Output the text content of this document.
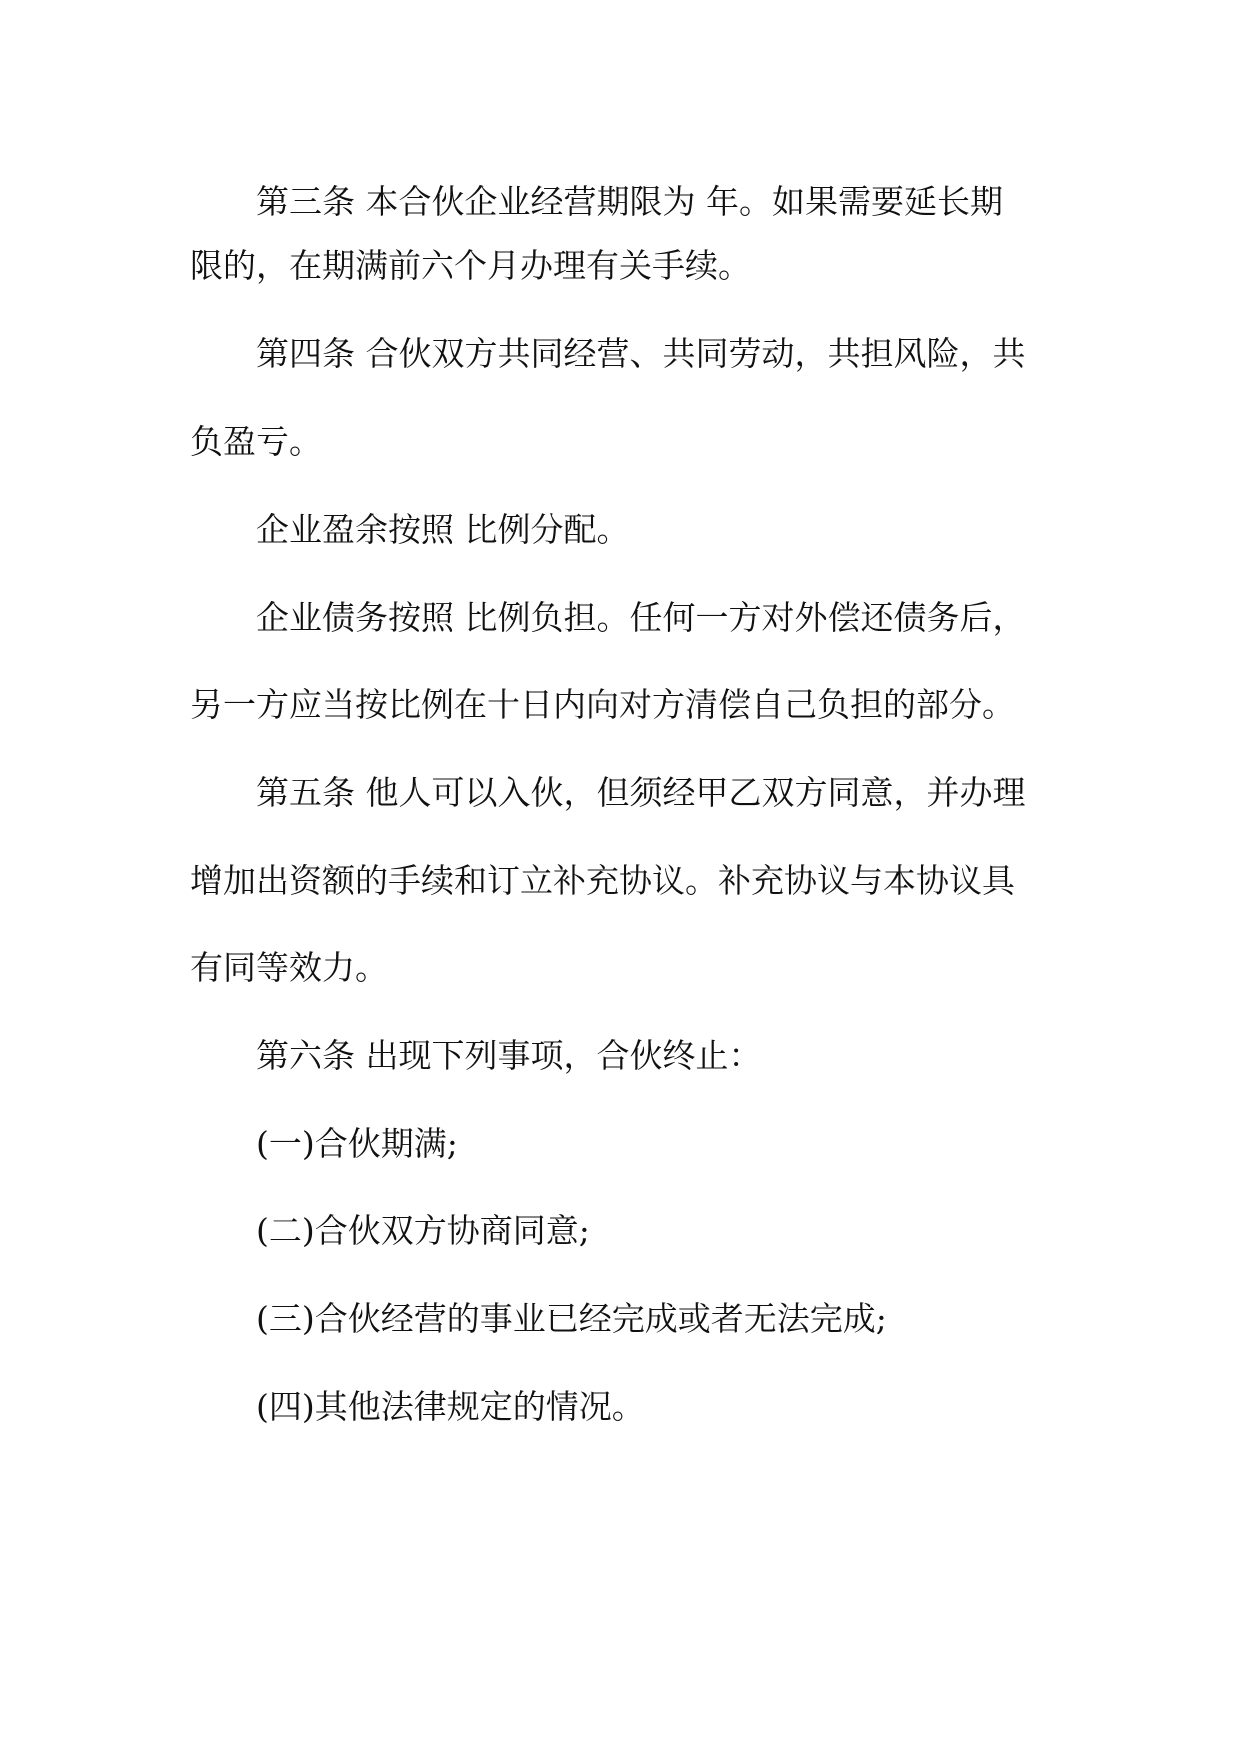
第三条 本合伙企业经营期限为 年。如果需要延长期
限的，在期满前六个月办理有关手续。
第四条 合伙双方共同经营、共同劳动，共担风险，共
负盈亏。
企业盈余按照 比例分配。
企业债务按照 比例负担。任何一方对外偿还债务后，
另一方应当按比例在十日内向对方清偿自己负担的部分。
第五条 他人可以入伙，但须经甲乙双方同意，并办理
增加出资额的手续和订立补充协议。补充协议与本协议具
有同等效力。
第六条 出现下列事项，合伙终止：
(一)合伙期满;
(二)合伙双方协商同意;
(三)合伙经营的事业已经完成或者无法完成;
(四)其他法律规定的情况。
